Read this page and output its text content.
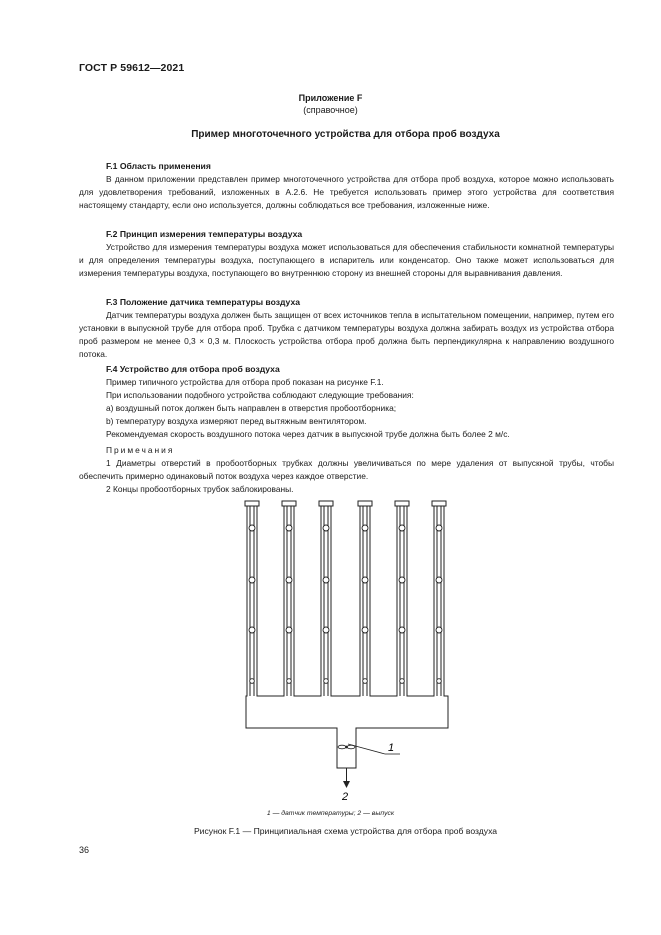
ГОСТ Р 59612—2021
Приложение F
(справочное)
Пример многоточечного устройства для отбора проб воздуха
F.1 Область применения

В данном приложении представлен пример многоточечного устройства для отбора проб воздуха, которое можно использовать для удовлетворения требований, изложенных в А.2.6. Не требуется использовать пример этого устройства для соответствия настоящему стандарту, если оно используется, должны соблюдаться все требования, изложенные ниже.

F.2 Принцип измерения температуры воздуха

Устройство для измерения температуры воздуха может использоваться для обеспечения стабильности комнатной температуры и для определения температуры воздуха, поступающего в испаритель или конденсатор. Оно также может использоваться для измерения температуры воздуха, поступающего во внутреннюю сторону из внешней стороны для выравнивания давления.

F.3 Положение датчика температуры воздуха

Датчик температуры воздуха должен быть защищен от всех источников тепла в испытательном помещении, например, путем его установки в выпускной трубе для отбора проб. Трубка с датчиком температуры воздуха должна забирать воздух из устройства отбора проб размером не менее 0,3 × 0,3 м. Плоскость устройства отбора проб должна быть перпендикулярна к направлению воздушного потока.

F.4 Устройство для отбора проб воздуха
Пример типичного устройства для отбора проб показан на рисунке F.1.
При использовании подобного устройства соблюдают следующие требования:
a) воздушный поток должен быть направлен в отверстия пробоотборника;
b) температуру воздуха измеряют перед вытяжным вентилятором.
Рекомендуемая скорость воздушного потока через датчик в выпускной трубе должна быть более 2 м/с.
Примечания

1 Диаметры отверстий в пробоотборных трубках должны увеличиваться по мере удаления от выпускной трубы, чтобы обеспечить примерно одинаковый поток воздуха через каждое отверстие.

2 Концы пробоотборных трубок заблокированы.

1
2
1 — датчик температуры; 2 — выпуск
Рисунок F.1 — Принципиальная схема устройства для отбора проб воздуха
36
